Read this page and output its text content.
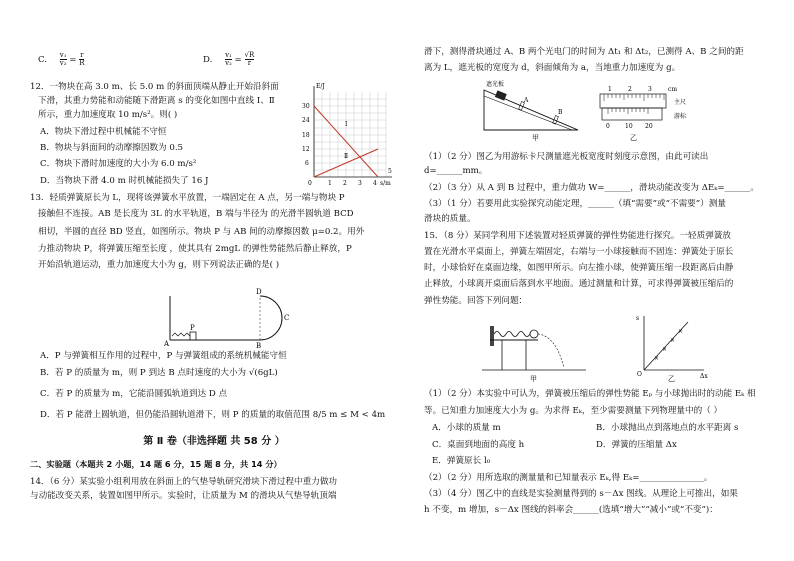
C. $\frac{\text{v₁}}{\text{v₂}} = \frac{r}{R}$	D. $\frac{\text{v₁}}{\text{v₂}} = \frac{√R}{r}$
12．一物块在高 3.0 m、长 5.0 m 的斜面顶端从静止开始沿斜面
下滑，其重力势能和动能随下滑距离 s 的变化如图中直线 Ⅰ、Ⅱ
所示，重力加速度取 10 m/s²。则( )
A．物块下滑过程中机械能不守恒
B．物块与斜面间的动摩擦因数为 0.5
C．物块下滑时加速度的大小为 6.0 m/s²
D．当物块下滑 4.0 m 时机械能损失了 16 J
E/J
s/m
30
24
18
12
6
0	1 2 3 4
5
Ⅰ
Ⅱ
13．轻质弹簧原长为 L，现将该弹簧水平放置，一端固定在 A 点，另一端与物块 P
接触但不连接。AB 是长度为 3L 的水平轨道，B 端与半径为 的光滑半圆轨道 BCD
相切，半圆的直径 BD 竖直，如图所示。物块 P 与 AB 间的动摩擦因数 μ=0.2。用外
力推动物块 P，将弹簧压缩至长度 ，使其具有 2mgL 的弹性势能然后静止释放，P
开始沿轨道运动，重力加速度大小为 g，则下列说法正确的是( )
A
P
B
C
D
A．P 与弹簧相互作用的过程中，P 与弹簧组成的系统机械能守恒
B．若 P 的质量为 m，则 P 到达 B 点时速度的大小为 √(6gL)
C．若 P 的质量为 m，它能沿圆弧轨道到达 D 点
D．若 P 能滑上圆轨道，但仍能沿圆轨道滑下，则 P 的质量的取值范围 8/5 m ≤ M < 4m
第 Ⅱ 卷（非选择题 共 58 分 ）
二、实验题（本题共 2 小题，14 题 6 分，15 题 8 分，共 14 分）
14．（6 分）某实验小组利用放在斜面上的气垫导轨研究滑块下滑过程中重力做功
与动能改变关系，装置如图甲所示。实验时，让质量为 M 的滑块从气垫导轨顶端
滑下，测得滑块通过 A、B 两个光电门的时间为 Δt₁ 和 Δt₂，已测得 A、B 之间的距
离为 L，遮光板的宽度为 d，斜面倾角为 a，当地重力加速度为 g。
遮光板
A
B
甲
1	2	3	cm
主尺
游标
0	10 20
乙
（1）（2 分）图乙为用游标卡尺测量遮光板宽度时刻度示意图，由此可读出
d=______mm。
（2）（3 分）从 A 到 B 过程中，重力做功 W=______，滑块动能改变为 ΔEₖ=______。
（3）（1 分）若要用此实验探究动能定理，______（填“需要”或“不需要”）测量
滑块的质量。
15．（8 分）某同学利用下述装置对轻质弹簧的弹性势能进行探究。一轻质弹簧放
置在光滑水平桌面上，弹簧左端固定，右端与一小球接触而不固连：弹簧处于原长
时，小球恰好在桌面边缘，如图甲所示。向左推小球，使弹簧压缩一段距离后由静
止释放，小球离开桌面后落到水平地面。通过测量和计算，可求得弹簧被压缩后的
弹性势能。回答下列问题：
甲
×
×
×
×
s
O	Δx
乙
（1）（2 分）本实验中可认为，弹簧被压缩后的弹性势能 Eₚ 与小球抛出时的动能 Eₖ 相
等。已知重力加速度大小为 g。为求得 Eₖ，至少需要测量下列物理量中的（ ）
A．小球的质量 m	B．小球抛出点到落地点的水平距离 s
C．桌面到地面的高度 h	D．弹簧的压缩量 Δx
E．弹簧原长 l₀
（2）（2 分）用所选取的测量量和已知量表示 Eₖ,得 Eₖ=_______________。
（3）（4 分）图乙中的直线是实验测量得到的 s－Δx 图线。从理论上可推出，如果
h 不变，m 增加，s－Δx 图线的斜率会______(选填“增大”“减小”或“不变”)：
